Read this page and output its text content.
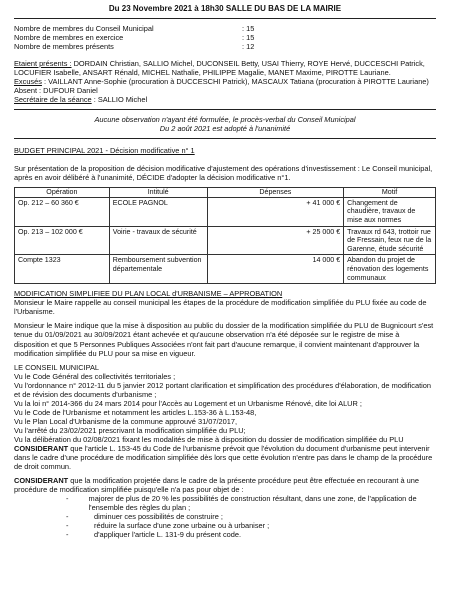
Du 23 Novembre 2021 à 18h30 SALLE DU BAS DE LA MAIRIE
Nombre de membres du Conseil Municipal	: 15
Nombre de membres en exercice	: 15
Nombre de membres présents	: 12
Etaient présents : DORDAIN Christian, SALLIO Michel, DUCONSEIL Betty, USAI Thierry, ROYE Hervé, DUCCESCHI Patrick, LOCUFIER Isabelle, ANSART Rénald, MICHEL Nathalie, PHILIPPE Magalie, MANET Maxime, PIROTTE Lauriane.
Excusés : VAILLANT Anne-Sophie (procuration à DUCCESCHI Patrick), MASCAUX Tatiana (procuration à PIROTTE Lauriane)
Absent : DUFOUR Daniel
Secrétaire de la séance : SALLIO Michel
Aucune observation n'ayant été formulée, le procès-verbal du Conseil Municipal
Du 2 août 2021 est adopté à l'unanimité
BUDGET PRINCIPAL 2021 - Décision modificative n° 1
Sur présentation de la proposition de décision modificative d'ajustement des opérations d'investissement : Le Conseil municipal, après en avoir délibéré à l'unanimité, DÉCIDE d'adopter la décision modificative n°1.
Opération	Intitulé	Dépenses	Motif
Op. 212 – 60 360 €	ECOLE PAGNOL	+ 41 000 €	Changement de chaudière, travaux de mise aux normes
Op. 213 – 102 000 €	Voirie - travaux de sécurité	+ 25 000 €	Travaux rd 643, trottoir rue de Fressain, feux rue de la Garenne, étude sécurité
Compte 1323	Remboursement subvention départementale	14 000 €	Abandon du projet de rénovation des logements communaux
MODIFICATION SIMPLIFIEE DU PLAN LOCAL d'URBANISME – APPROBATION
Monsieur le Maire rappelle au conseil municipal les étapes de la procédure de modification simplifiée du PLU fixée au code de l'Urbanisme.
Monsieur le Maire indique que la mise à disposition au public du dossier de la modification simplifiée du PLU de Bugnicourt s'est tenue du 01/09/2021 au 30/09/2021 étant achevée et qu'aucune observation n'a été déposée sur le registre de mise à disposition et que 5 Personnes Publiques Associées n'ont fait part d'aucune remarque, il convient maintenant d'approuver la modification simplifiée du PLU pour sa mise en vigueur.
LE CONSEIL MUNICIPAL
Vu le Code Général des collectivités territoriales ;
Vu l'ordonnance n° 2012-11 du 5 janvier 2012 portant clarification et simplification des procédures d'élaboration, de modification et de révision des documents d'urbanisme ;
Vu la loi n° 2014-366 du 24 mars 2014 pour l'Accès au Logement et un Urbanisme Rénové, dite loi ALUR ;
Vu le Code de l'Urbanisme et notamment les articles L.153-36 à L.153-48,
Vu le Plan Local d'Urbanisme de la commune approuvé 31/07/2017,
Vu l'arrêté du 23/02/2021 prescrivant la modification simplifiée du PLU;
Vu la délibération du 02/08/2021 fixant les modalités de mise à disposition du dossier de modification simplifiée du PLU
CONSIDERANT que l'article L. 153-45 du Code de l'urbanisme prévoit que l'évolution du document d'urbanisme peut intervenir dans le cadre d'une procédure de modification simplifiée dès lors que cette évolution n'entre pas dans le champ de la procédure de droit commun.
CONSIDERANT que la modification projetée dans le cadre de la présente procédure peut être effectuée en recourant à une procédure de modification simplifiée puisqu'elle n'a pas pour objet de :
-	majorer de plus de 20 % les possibilités de construction résultant, dans une zone, de l'application de l'ensemble des règles du plan ;
-	diminuer ces possibilités de construire ;
-	réduire la surface d'une zone urbaine ou à urbaniser ;
-	d'appliquer l'article L. 131-9 du présent code.
